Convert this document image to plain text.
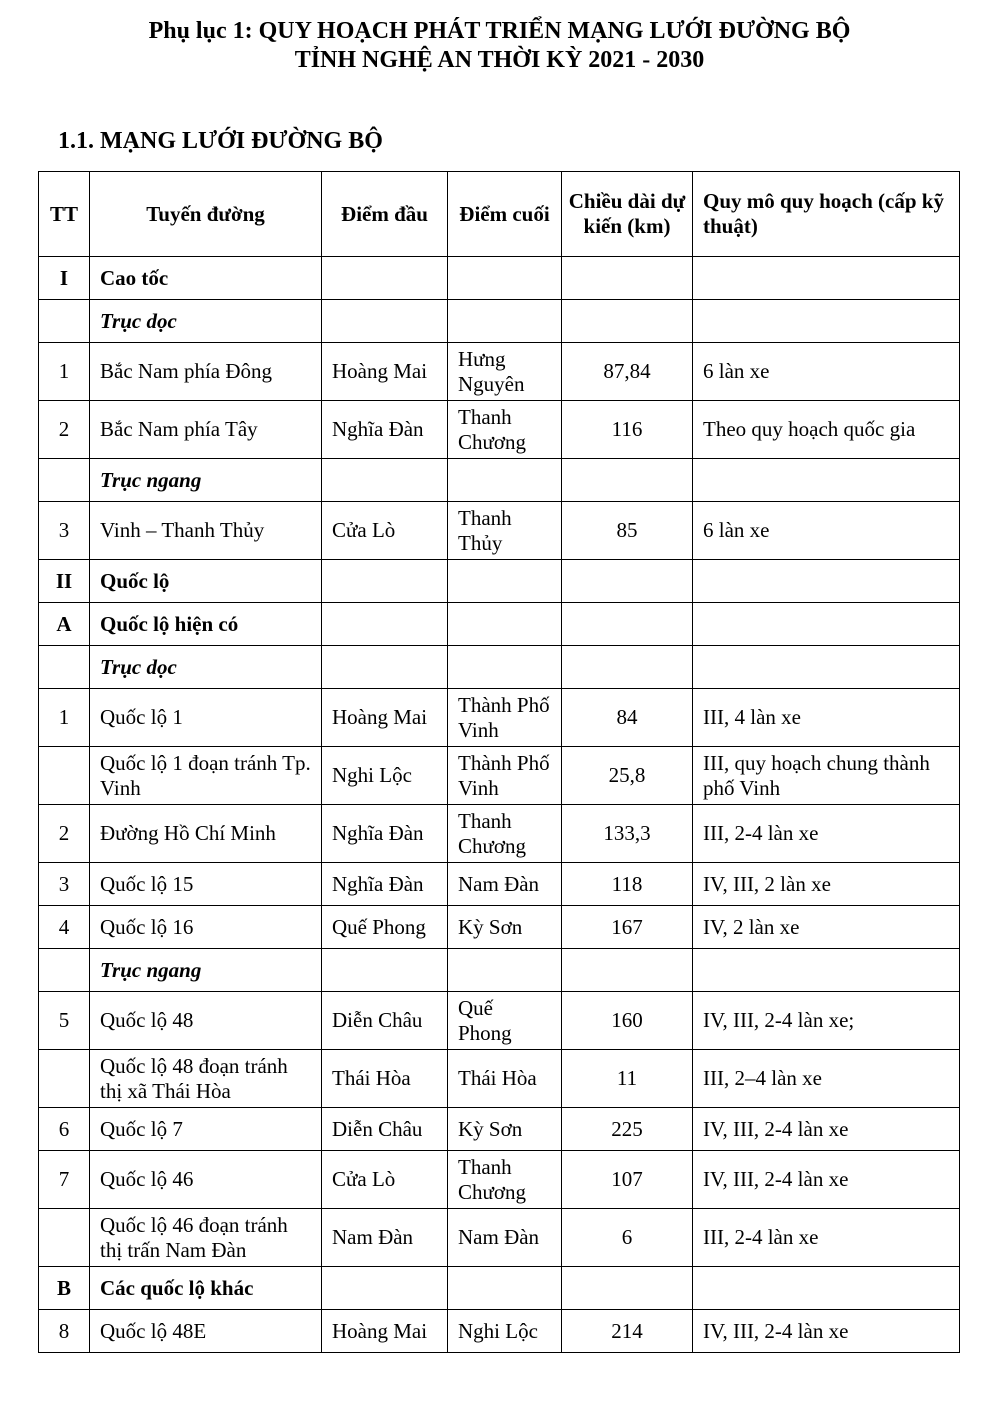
Phụ lục 1: QUY HOẠCH PHÁT TRIỂN MẠNG LƯỚI ĐƯỜNG BỘ
TỈNH NGHỆ AN THỜI KỲ 2021 - 2030
1.1. MẠNG LƯỚI ĐƯỜNG BỘ
TT	Tuyến đường	Điểm đầu	Điểm cuối	Chiều dài dự kiến (km)	Quy mô quy hoạch (cấp kỹ thuật)
I	Cao tốc				
	Trục dọc				
1	Bắc Nam phía Đông	Hoàng Mai	Hưng Nguyên	87,84	6 làn xe
2	Bắc Nam phía Tây	Nghĩa Đàn	Thanh Chương	116	Theo quy hoạch quốc gia
	Trục ngang				
3	Vinh – Thanh Thủy	Cửa Lò	Thanh Thủy	85	6 làn xe
II	Quốc lộ				
A	Quốc lộ hiện có				
	Trục dọc				
1	Quốc lộ 1	Hoàng Mai	Thành Phố Vinh	84	III, 4 làn xe
	Quốc lộ 1 đoạn tránh Tp. Vinh	Nghi Lộc	Thành Phố Vinh	25,8	III, quy hoạch chung thành phố Vinh
2	Đường Hồ Chí Minh	Nghĩa Đàn	Thanh Chương	133,3	III, 2-4 làn xe
3	Quốc lộ 15	Nghĩa Đàn	Nam Đàn	118	IV, III, 2 làn xe
4	Quốc lộ 16	Quế Phong	Kỳ Sơn	167	IV, 2 làn xe
	Trục ngang				
5	Quốc lộ 48	Diễn Châu	Quế Phong	160	IV, III, 2-4 làn xe;
	Quốc lộ 48 đoạn tránh thị xã Thái Hòa	Thái Hòa	Thái Hòa	11	III, 2–4 làn xe
6	Quốc lộ 7	Diễn Châu	Kỳ Sơn	225	IV, III, 2-4 làn xe
7	Quốc lộ 46	Cửa Lò	Thanh Chương	107	IV, III, 2-4 làn xe
	Quốc lộ 46 đoạn tránh thị trấn Nam Đàn	Nam Đàn	Nam Đàn	6	III, 2-4 làn xe
B	Các quốc lộ khác				
8	Quốc lộ 48E	Hoàng Mai	Nghi Lộc	214	IV, III, 2-4 làn xe
